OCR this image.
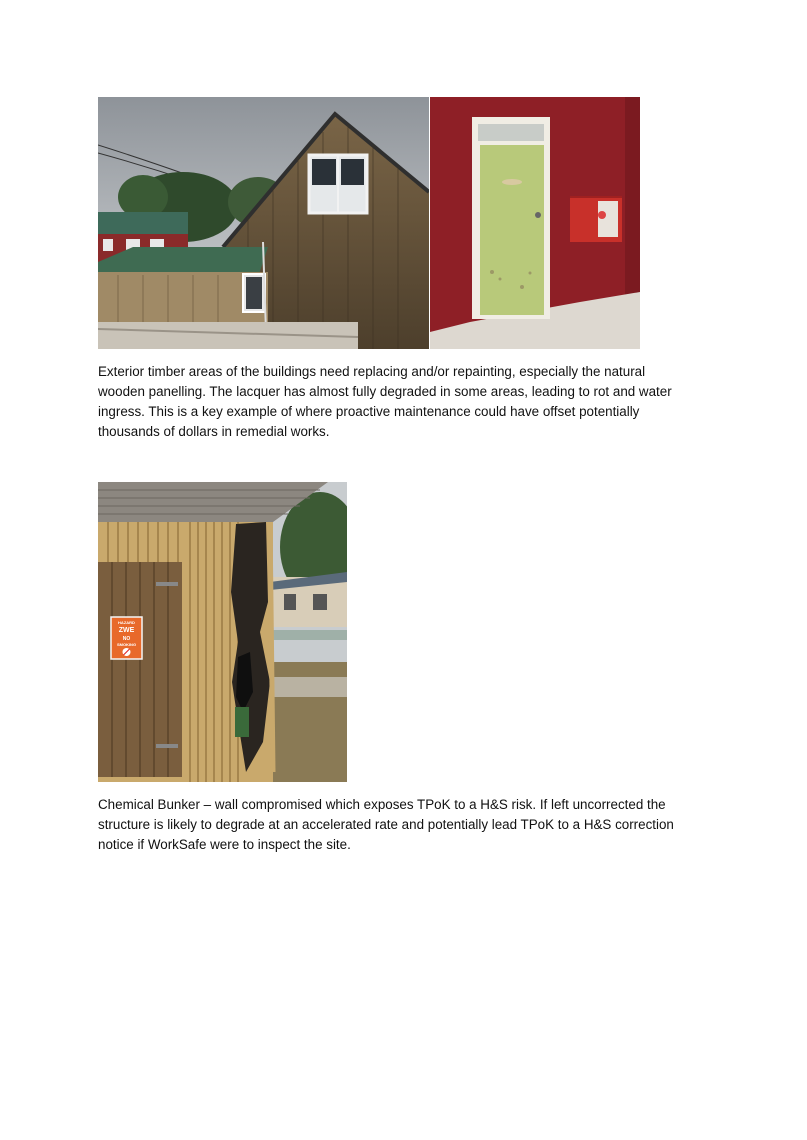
Exterior timber areas of the buildings need replacing and/or repainting, especially the natural
wooden panelling. The lacquer has almost fully degraded in some areas, leading to rot and water
ingress. This is a key example of where proactive maintenance could have offset potentially
thousands of dollars in remedial works.

HAZARD
ZWE
NO
SMOKING

Chemical Bunker – wall compromised which exposes TPoK to a H&S risk. If left uncorrected the
structure is likely to degrade at an accelerated rate and potentially lead TPoK to a H&S correction
notice if WorkSafe were to inspect the site.
